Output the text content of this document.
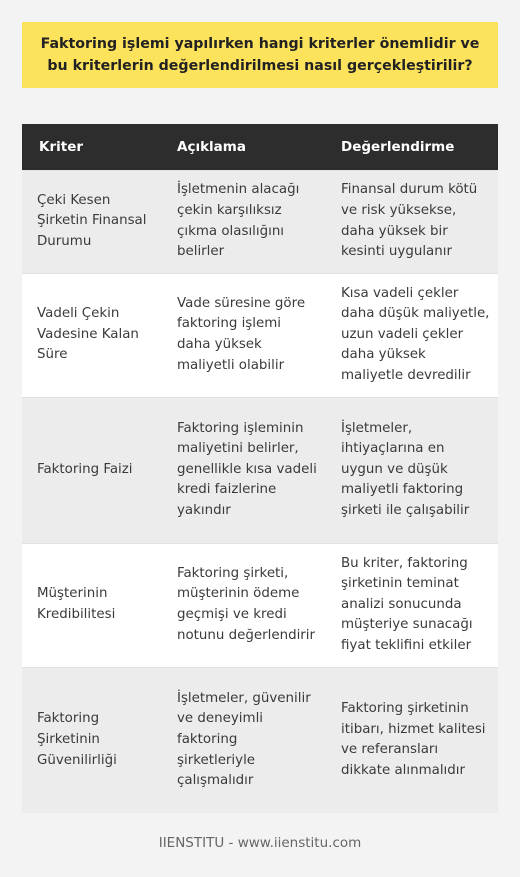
Faktoring işlemi yapılırken hangi kriterler önemlidir ve bu kriterlerin değerlendirilmesi nasıl gerçekleştirilir?
Kriter	Açıklama	Değerlendirme
Çeki Kesen Şirketin Finansal Durumu	İşletmenin alacağı çekin karşılıksız çıkma olasılığını belirler	Finansal durum kötü ve risk yüksekse, daha yüksek bir kesinti uygulanır
Vadeli Çekin Vadesine Kalan Süre	Vade süresine göre faktoring işlemi daha yüksek maliyetli olabilir	Kısa vadeli çekler daha düşük maliyetle, uzun vadeli çekler daha yüksek maliyetle devredilir
Faktoring Faizi	Faktoring işleminin maliyetini belirler, genellikle kısa vadeli kredi faizlerine yakındır	İşletmeler, ihtiyaçlarına en uygun ve düşük maliyetli faktoring şirketi ile çalışabilir
Müşterinin Kredibilitesi	Faktoring şirketi, müşterinin ödeme geçmişi ve kredi notunu değerlendirir	Bu kriter, faktoring şirketinin teminat analizi sonucunda müşteriye sunacağı fiyat teklifini etkiler
Faktoring Şirketinin Güvenilirliği	İşletmeler, güvenilir ve deneyimli faktoring şirketleriyle çalışmalıdır	Faktoring şirketinin itibarı, hizmet kalitesi ve referansları dikkate alınmalıdır
IIENSTITU - www.iienstitu.com
